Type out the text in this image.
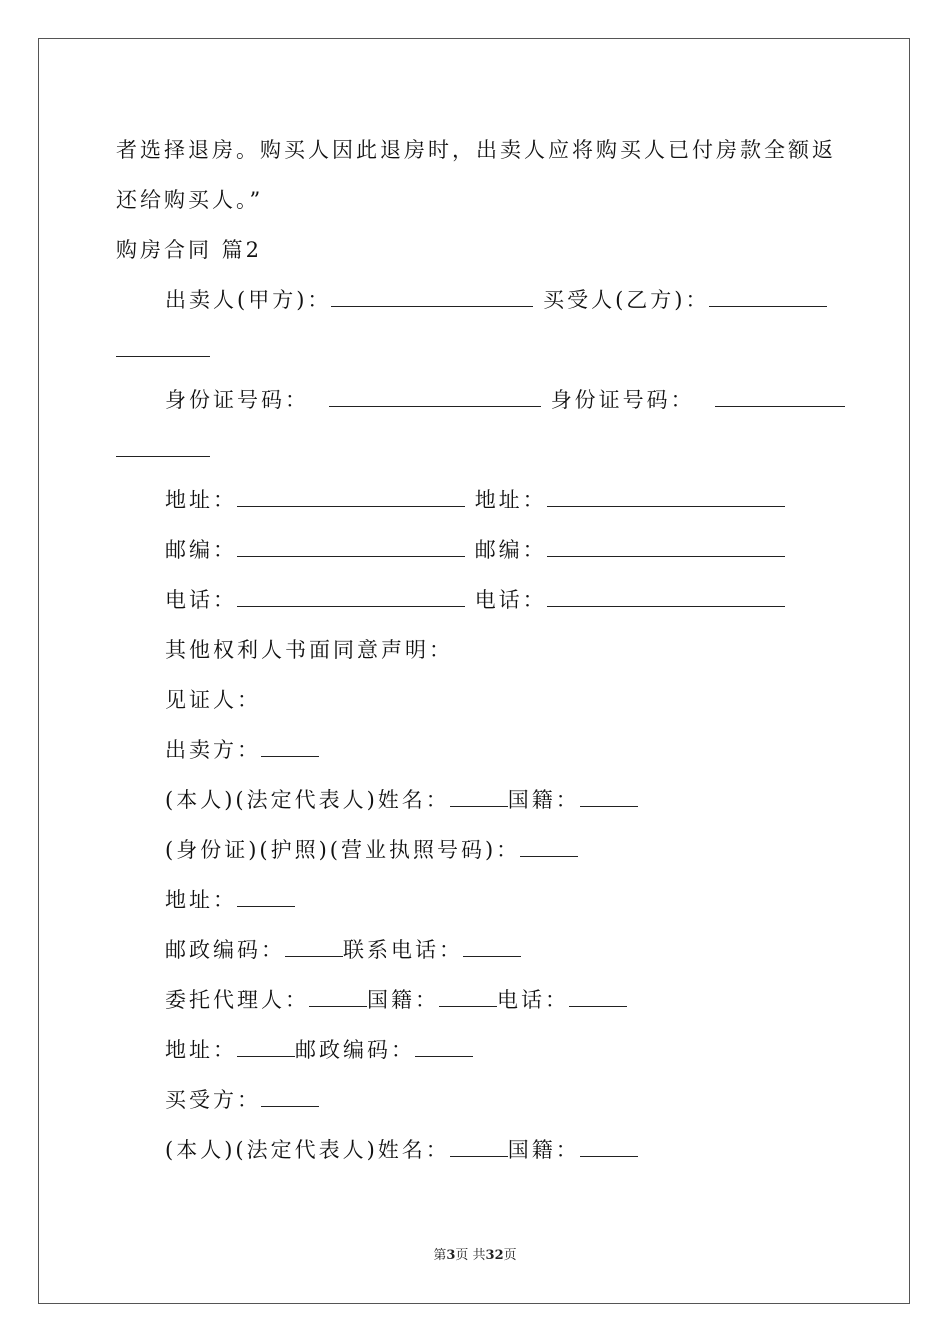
者选择退房。购买人因此退房时，出卖人应将购买人已付房款全额返
还给购买人。”
购房合同 篇2
出卖人(甲方)：	买受人(乙方)：
身份证号码：	身份证号码：
地址：	地址：
邮编：	邮编：
电话：	电话：
其他权利人书面同意声明：
见证人：
出卖方：
(本人)(法定代表人)姓名：	国籍：
(身份证)(护照)(营业执照号码)：
地址：
邮政编码：	联系电话：
委托代理人：	国籍：	电话：
地址：	邮政编码：
买受方：
(本人)(法定代表人)姓名：	国籍：
第3页 共32页
